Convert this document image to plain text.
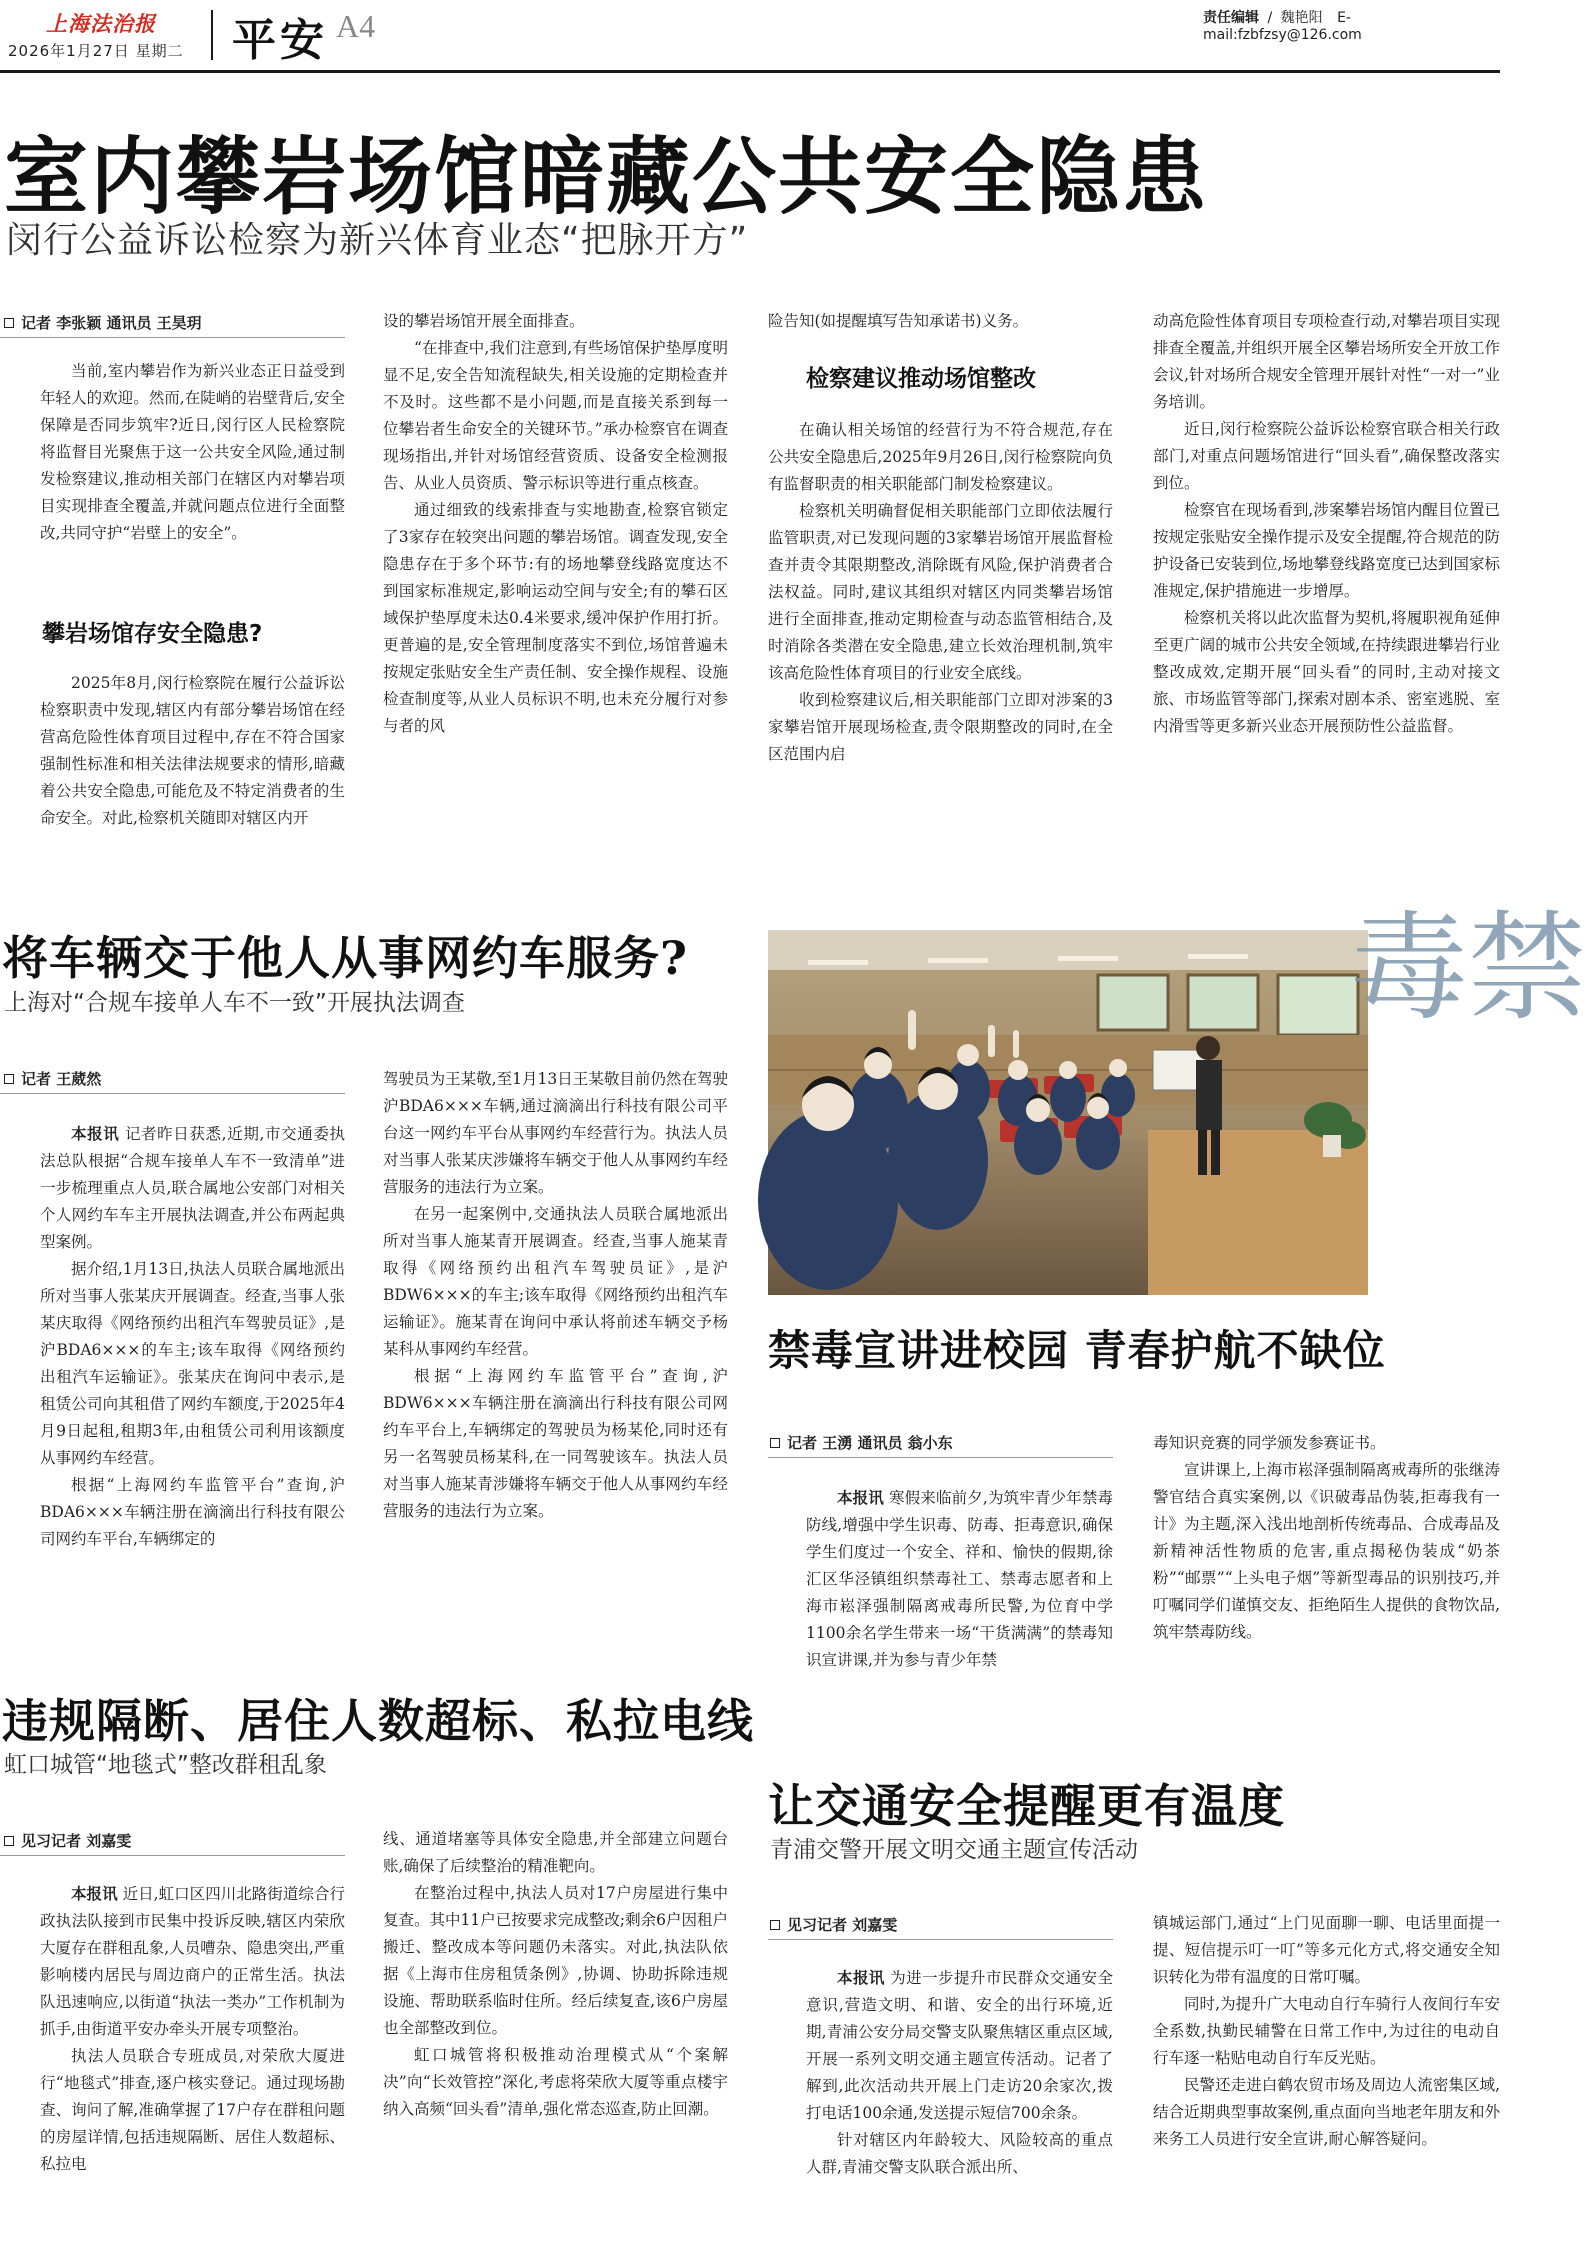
上海法治报
2026年1月27日 星期二 平安 A4	责任编辑 / 魏艳阳 E-mail:fzbfzsy@126.com
室内攀岩场馆暗藏公共安全隐患
闵行公益诉讼检察为新兴体育业态“把脉开方”
记者 李张颖 通讯员 王昊玥

当前,室内攀岩作为新兴业态正日益受到年轻人的欢迎。然而,在陡峭的岩壁背后,安全保障是否同步筑牢?近日,闵行区人民检察院将监督目光聚焦于这一公共安全风险,通过制发检察建议,推动相关部门在辖区内对攀岩项目实现排查全覆盖,并就问题点位进行全面整改,共同守护“岩壁上的安全”。

攀岩场馆存安全隐患?

2025年8月,闵行检察院在履行公益诉讼检察职责中发现,辖区内有部分攀岩场馆在经营高危险性体育项目过程中,存在不符合国家强制性标准和相关法律法规要求的情形,暗藏着公共安全隐患,可能危及不特定消费者的生命安全。对此,检察机关随即对辖区内开

设的攀岩场馆开展全面排查。

“在排查中,我们注意到,有些场馆保护垫厚度明显不足,安全告知流程缺失,相关设施的定期检查并不及时。这些都不是小问题,而是直接关系到每一位攀岩者生命安全的关键环节。”承办检察官在调查现场指出,并针对场馆经营资质、设备安全检测报告、从业人员资质、警示标识等进行重点核查。

通过细致的线索排查与实地勘查,检察官锁定了3家存在较突出问题的攀岩场馆。调查发现,安全隐患存在于多个环节:有的场地攀登线路宽度达不到国家标准规定,影响运动空间与安全;有的攀石区域保护垫厚度未达0.4米要求,缓冲保护作用打折。更普遍的是,安全管理制度落实不到位,场馆普遍未按规定张贴安全生产责任制、安全操作规程、设施检查制度等,从业人员标识不明,也未充分履行对参与者的风

险告知(如提醒填写告知承诺书)义务。

检察建议推动场馆整改

在确认相关场馆的经营行为不符合规范,存在公共安全隐患后,2025年9月26日,闵行检察院向负有监督职责的相关职能部门制发检察建议。

检察机关明确督促相关职能部门立即依法履行监管职责,对已发现问题的3家攀岩场馆开展监督检查并责令其限期整改,消除既有风险,保护消费者合法权益。同时,建议其组织对辖区内同类攀岩场馆进行全面排查,推动定期检查与动态监管相结合,及时消除各类潜在安全隐患,建立长效治理机制,筑牢该高危险性体育项目的行业安全底线。

收到检察建议后,相关职能部门立即对涉案的3家攀岩馆开展现场检查,责令限期整改的同时,在全区范围内启

动高危险性体育项目专项检查行动,对攀岩项目实现排查全覆盖,并组织开展全区攀岩场所安全开放工作会议,针对场所合规安全管理开展针对性“一对一”业务培训。

近日,闵行检察院公益诉讼检察官联合相关行政部门,对重点问题场馆进行“回头看”,确保整改落实到位。

检察官在现场看到,涉案攀岩场馆内醒目位置已按规定张贴安全操作提示及安全提醒,符合规范的防护设备已安装到位,场地攀登线路宽度已达到国家标准规定,保护措施进一步增厚。

检察机关将以此次监督为契机,将履职视角延伸至更广阔的城市公共安全领域,在持续跟进攀岩行业整改成效,定期开展“回头看”的同时,主动对接文旅、市场监管等部门,探索对剧本杀、密室逃脱、室内滑雪等更多新兴业态开展预防性公益监督。

将车辆交于他人从事网约车服务?
上海对“合规车接单人车不一致”开展执法调查
记者 王葳然

本报讯 记者昨日获悉,近期,市交通委执法总队根据“合规车接单人车不一致清单”进一步梳理重点人员,联合属地公安部门对相关个人网约车车主开展执法调查,并公布两起典型案例。

据介绍,1月13日,执法人员联合属地派出所对当事人张某庆开展调查。经查,当事人张某庆取得《网络预约出租汽车驾驶员证》,是沪BDA6×××的车主;该车取得《网络预约出租汽车运输证》。张某庆在询问中表示,是租赁公司向其租借了网约车额度,于2025年4月9日起租,租期3年,由租赁公司利用该额度从事网约车经营。

根据“上海网约车监管平台”查询,沪BDA6×××车辆注册在滴滴出行科技有限公司网约车平台,车辆绑定的

驾驶员为王某敬,至1月13日王某敬目前仍然在驾驶沪BDA6×××车辆,通过滴滴出行科技有限公司平台这一网约车平台从事网约车经营行为。执法人员对当事人张某庆涉嫌将车辆交于他人从事网约车经营服务的违法行为立案。

在另一起案例中,交通执法人员联合属地派出所对当事人施某青开展调查。经查,当事人施某青取得《网络预约出租汽车驾驶员证》,是沪BDW6×××的车主;该车取得《网络预约出租汽车运输证》。施某青在询问中承认将前述车辆交予杨某科从事网约车经营。

根据“上海网约车监管平台”查询,沪BDW6×××车辆注册在滴滴出行科技有限公司网约车平台上,车辆绑定的驾驶员为杨某伦,同时还有另一名驾驶员杨某科,在一同驾驶该车。执法人员对当事人施某青涉嫌将车辆交于他人从事网约车经营服务的违法行为立案。

违规隔断、居住人数超标、私拉电线
虹口城管“地毯式”整改群租乱象
见习记者 刘嘉雯

本报讯 近日,虹口区四川北路街道综合行政执法队接到市民集中投诉反映,辖区内荣欣大厦存在群租乱象,人员嘈杂、隐患突出,严重影响楼内居民与周边商户的正常生活。执法队迅速响应,以街道“执法一类办”工作机制为抓手,由街道平安办牵头开展专项整治。

执法人员联合专班成员,对荣欣大厦进行“地毯式”排查,逐户核实登记。通过现场勘查、询问了解,准确掌握了17户存在群租问题的房屋详情,包括违规隔断、居住人数超标、私拉电

线、通道堵塞等具体安全隐患,并全部建立问题台账,确保了后续整治的精准靶向。

在整治过程中,执法人员对17户房屋进行集中复查。其中11户已按要求完成整改;剩余6户因租户搬迁、整改成本等问题仍未落实。对此,执法队依据《上海市住房租赁条例》,协调、协助拆除违规设施、帮助联系临时住所。经后续复查,该6户房屋也全部整改到位。

虹口城管将积极推动治理模式从“个案解决”向“长效管控”深化,考虑将荣欣大厦等重点楼宇纳入高频“回头看”清单,强化常态巡查,防止回潮。

禁毒
禁毒宣讲进校园 青春护航不缺位
记者 王湧 通讯员 翁小东

本报讯 寒假来临前夕,为筑牢青少年禁毒防线,增强中学生识毒、防毒、拒毒意识,确保学生们度过一个安全、祥和、愉快的假期,徐汇区华泾镇组织禁毒社工、禁毒志愿者和上海市崧泽强制隔离戒毒所民警,为位育中学1100余名学生带来一场“干货满满”的禁毒知识宣讲课,并为参与青少年禁

毒知识竞赛的同学颁发参赛证书。

宣讲课上,上海市崧泽强制隔离戒毒所的张继涛警官结合真实案例,以《识破毒品伪装,拒毒我有一计》为主题,深入浅出地剖析传统毒品、合成毒品及新精神活性物质的危害,重点揭秘伪装成“奶茶粉”“邮票”“上头电子烟”等新型毒品的识别技巧,并叮嘱同学们谨慎交友、拒绝陌生人提供的食物饮品,筑牢禁毒防线。

让交通安全提醒更有温度
青浦交警开展文明交通主题宣传活动
见习记者 刘嘉雯

本报讯 为进一步提升市民群众交通安全意识,营造文明、和谐、安全的出行环境,近期,青浦公安分局交警支队聚焦辖区重点区域,开展一系列文明交通主题宣传活动。记者了解到,此次活动共开展上门走访20余家次,拨打电话100余通,发送提示短信700余条。

针对辖区内年龄较大、风险较高的重点人群,青浦交警支队联合派出所、

镇城运部门,通过“上门见面聊一聊、电话里面提一提、短信提示叮一叮”等多元化方式,将交通安全知识转化为带有温度的日常叮嘱。

同时,为提升广大电动自行车骑行人夜间行车安全系数,执勤民辅警在日常工作中,为过往的电动自行车逐一粘贴电动自行车反光贴。

民警还走进白鹤农贸市场及周边人流密集区域,结合近期典型事故案例,重点面向当地老年朋友和外来务工人员进行安全宣讲,耐心解答疑问。
